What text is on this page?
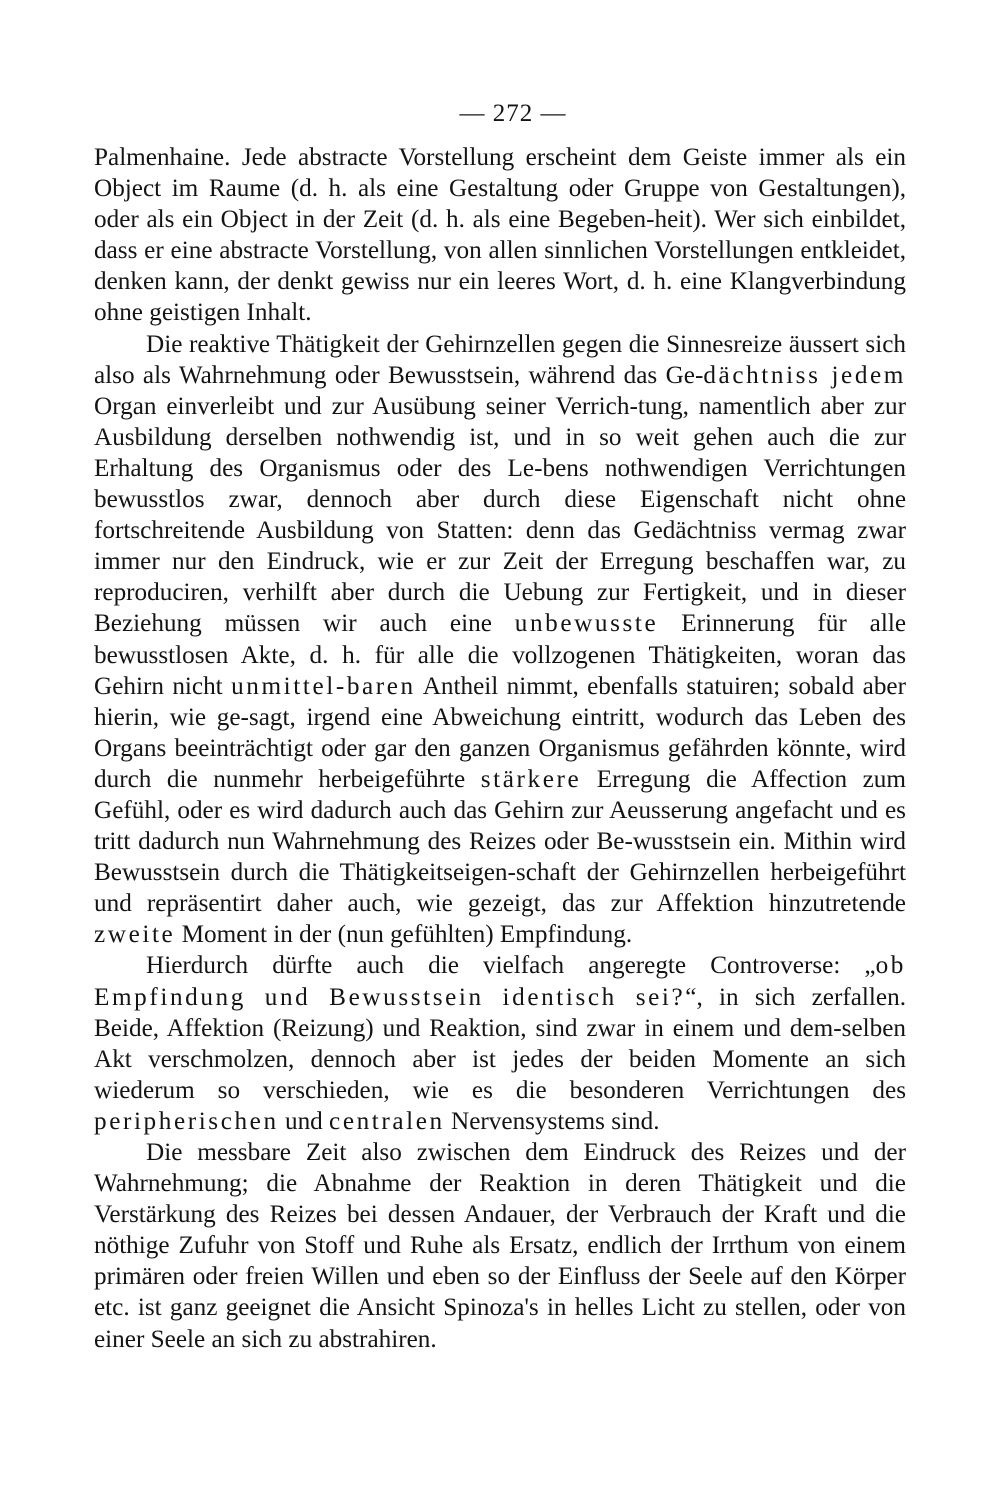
— 272 —

Palmenhaine. Jede abstracte Vorstellung erscheint dem Geiste immer als ein Object im Raume (d. h. als eine Gestaltung oder Gruppe von Gestaltungen), oder als ein Object in der Zeit (d. h. als eine Begeben-heit). Wer sich einbildet, dass er eine abstracte Vorstellung, von allen sinnlichen Vorstellungen entkleidet, denken kann, der denkt gewiss nur ein leeres Wort, d. h. eine Klangverbindung ohne geistigen Inhalt.

Die reaktive Thätigkeit der Gehirnzellen gegen die Sinnesreize äussert sich also als Wahrnehmung oder Bewusstsein, während das Ge-dächtniss jedem Organ einverleibt und zur Ausübung seiner Verrich-tung, namentlich aber zur Ausbildung derselben nothwendig ist, und in so weit gehen auch die zur Erhaltung des Organismus oder des Le-bens nothwendigen Verrichtungen bewusstlos zwar, dennoch aber durch diese Eigenschaft nicht ohne fortschreitende Ausbildung von Statten: denn das Gedächtniss vermag zwar immer nur den Eindruck, wie er zur Zeit der Erregung beschaffen war, zu reproduciren, verhilft aber durch die Uebung zur Fertigkeit, und in dieser Beziehung müssen wir auch eine unbewusste Erinnerung für alle bewusstlosen Akte, d. h. für alle die vollzogenen Thätigkeiten, woran das Gehirn nicht unmittel-baren Antheil nimmt, ebenfalls statuiren; sobald aber hierin, wie ge-sagt, irgend eine Abweichung eintritt, wodurch das Leben des Organs beeinträchtigt oder gar den ganzen Organismus gefährden könnte, wird durch die nunmehr herbeigeführte stärkere Erregung die Affection zum Gefühl, oder es wird dadurch auch das Gehirn zur Aeusserung angefacht und es tritt dadurch nun Wahrnehmung des Reizes oder Be-wusstsein ein. Mithin wird Bewusstsein durch die Thätigkeitseigen-schaft der Gehirnzellen herbeigeführt und repräsentirt daher auch, wie gezeigt, das zur Affektion hinzutretende zweite Moment in der (nun gefühlten) Empfindung.

Hierdurch dürfte auch die vielfach angeregte Controverse: „ob Empfindung und Bewusstsein identisch sei?“, in sich zerfallen. Beide, Affektion (Reizung) und Reaktion, sind zwar in einem und dem-selben Akt verschmolzen, dennoch aber ist jedes der beiden Momente an sich wiederum so verschieden, wie es die besonderen Verrichtungen des peripherischen und centralen Nervensystems sind.

Die messbare Zeit also zwischen dem Eindruck des Reizes und der Wahrnehmung; die Abnahme der Reaktion in deren Thätigkeit und die Verstärkung des Reizes bei dessen Andauer, der Verbrauch der Kraft und die nöthige Zufuhr von Stoff und Ruhe als Ersatz, endlich der Irrthum von einem primären oder freien Willen und eben so der Einfluss der Seele auf den Körper etc. ist ganz geeignet die Ansicht Spinoza's in helles Licht zu stellen, oder von einer Seele an sich zu abstrahiren.
